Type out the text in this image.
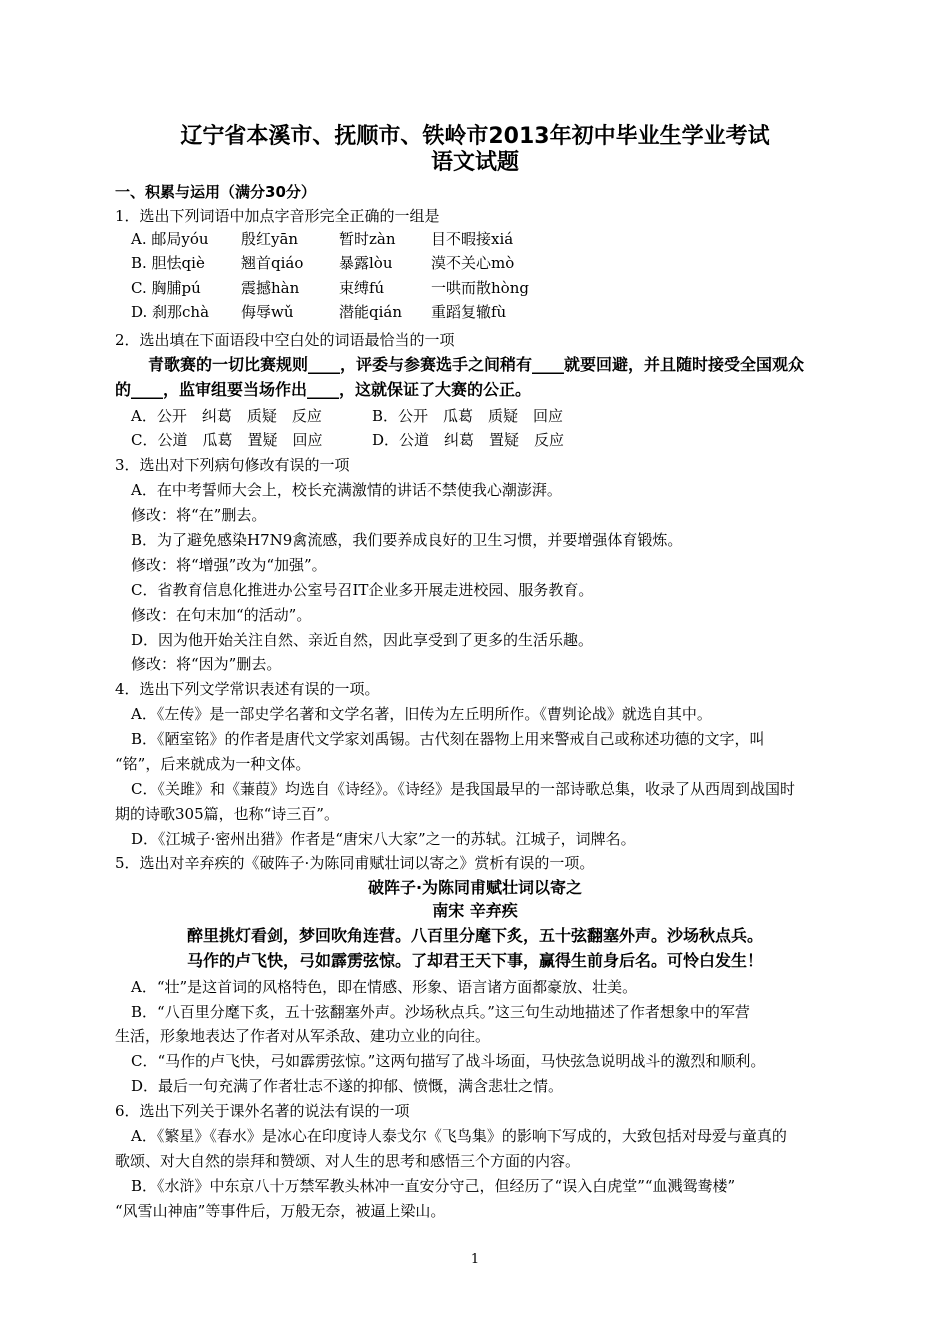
辽宁省本溪市、抚顺市、铁岭市2013年初中毕业生学业考试
语文试题
一、积累与运用（满分30分）
1．选出下列词语中加点字音形完全正确的一组是
A. 邮局yóu 殷红yān	暂时zàn 目不暇接xiá
B. 胆怯qiè 翘首qiáo 暴露lòu	漠不关心mò
C. 胸脯pú	震撼hàn	束缚fú	一哄而散hòng
D. 刹那chà 侮辱wǔ	潜能qián 重蹈复辙fù
2．选出填在下面语段中空白处的词语最恰当的一项
青歌赛的一切比赛规则____，评委与参赛选手之间稍有____就要回避，并且随时接受全国观众
的____，监审组要当场作出____，这就保证了大赛的公正。
A．公开　纠葛　质疑　反应	B．公开　瓜葛　质疑　回应
C．公道　瓜葛　置疑　回应	D．公道　纠葛　置疑　反应
3．选出对下列病句修改有误的一项
A．在中考誓师大会上，校长充满激情的讲话不禁使我心潮澎湃。
修改：将“在”删去。
B．为了避免感染H7N9禽流感，我们要养成良好的卫生习惯，并要增强体育锻炼。
修改：将“增强”改为“加强”。
C．省教育信息化推进办公室号召IT企业多开展走进校园、服务教育。
修改：在句末加“的活动”。
D．因为他开始关注自然、亲近自然，因此享受到了更多的生活乐趣。
修改：将“因为”删去。
4．选出下列文学常识表述有误的一项。
A．《左传》是一部史学名著和文学名著，旧传为左丘明所作。《曹刿论战》就选自其中。
B．《陋室铭》的作者是唐代文学家刘禹锡。古代刻在器物上用来警戒自己或称述功德的文字，叫
“铭”，后来就成为一种文体。
C．《关雎》和《蒹葭》均选自《诗经》。《诗经》是我国最早的一部诗歌总集，收录了从西周到战国时
期的诗歌305篇，也称“诗三百”。
D．《江城子·密州出猎》作者是“唐宋八大家”之一的苏轼。江城子，词牌名。
5．选出对辛弃疾的《破阵子·为陈同甫赋壮词以寄之》赏析有误的一项。
破阵子·为陈同甫赋壮词以寄之
南宋 辛弃疾
醉里挑灯看剑，梦回吹角连营。八百里分麾下炙，五十弦翻塞外声。沙场秋点兵。
马作的卢飞快，弓如霹雳弦惊。了却君王天下事，赢得生前身后名。可怜白发生！
A．“壮”是这首词的风格特色，即在情感、形象、语言诸方面都豪放、壮美。
B．“八百里分麾下炙，五十弦翻塞外声。沙场秋点兵。”这三句生动地描述了作者想象中的军营
生活，形象地表达了作者对从军杀敌、建功立业的向往。
C．“马作的卢飞快，弓如霹雳弦惊。”这两句描写了战斗场面，马快弦急说明战斗的激烈和顺利。
D．最后一句充满了作者壮志不遂的抑郁、愤慨，满含悲壮之情。
6．选出下列关于课外名著的说法有误的一项
A．《繁星》《春水》是冰心在印度诗人泰戈尔《飞鸟集》的影响下写成的，大致包括对母爱与童真的
歌颂、对大自然的崇拜和赞颂、对人生的思考和感悟三个方面的内容。
B．《水浒》中东京八十万禁军教头林冲一直安分守己，但经历了“误入白虎堂”“血溅鸳鸯楼”
“风雪山神庙”等事件后，万般无奈，被逼上梁山。
1
